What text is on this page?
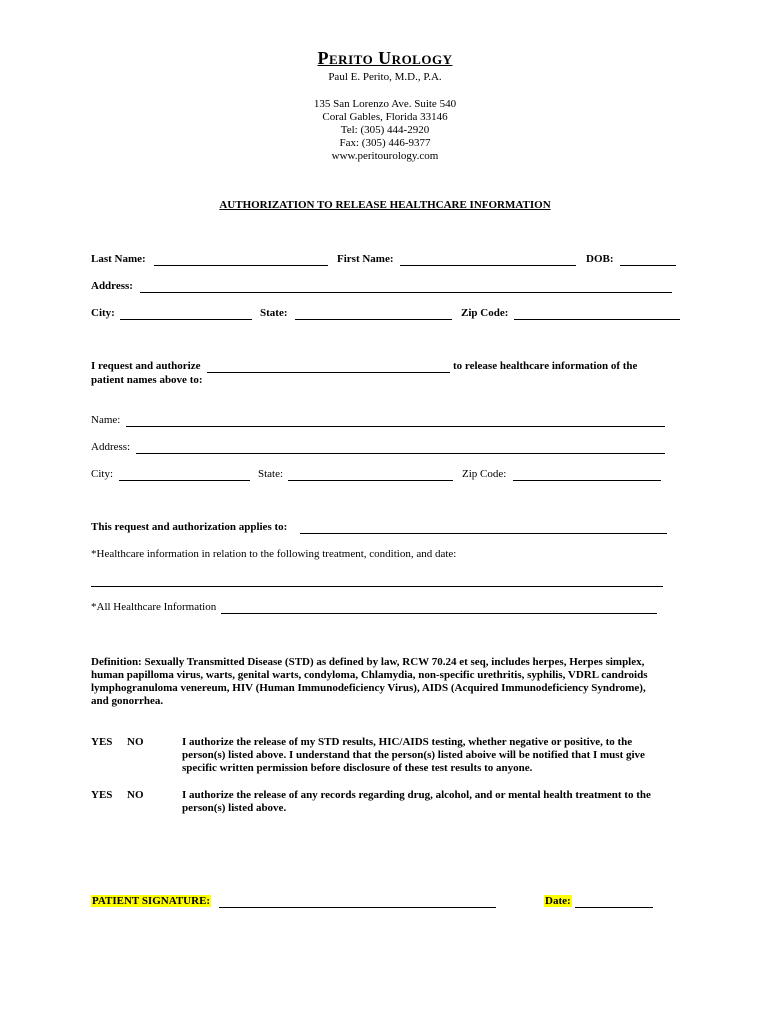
Perito Urology
Paul E. Perito, M.D., P.A.
135 San Lorenzo Ave. Suite 540
Coral Gables, Florida 33146
Tel: (305) 444-2920
Fax: (305) 446-9377
www.peritourology.com
AUTHORIZATION TO RELEASE HEALTHCARE INFORMATION
Last Name:	First Name:	DOB:
Address:
City:	State:	Zip Code:
I request and authorize	to release healthcare information of the
patient names above to:
Name:
Address:
City:	State:	Zip Code:
This request and authorization applies to:
*Healthcare information in relation to the following treatment, condition, and date:
*All Healthcare Information
Definition: Sexually Transmitted Disease (STD) as defined by law, RCW 70.24 et seq, includes herpes, Herpes simplex,
human papilloma virus, warts, genital warts, condyloma, Chlamydia, non-specific urethritis, syphilis, VDRL candroids
lymphogranuloma venereum, HIV (Human Immunodeficiency Virus), AIDS (Acquired Immunodeficiency Syndrome),
and gonorrhea.
YES NO	I authorize the release of my STD results, HIC/AIDS testing, whether negative or positive, to the
person(s) listed above. I understand that the person(s) listed aboive will be notified that I must give
specific written permission before disclosure of these test results to anyone.
YES NO	I authorize the release of any records regarding drug, alcohol, and or mental health treatment to the
person(s) listed above.
PATIENT SIGNATURE:	Date:
